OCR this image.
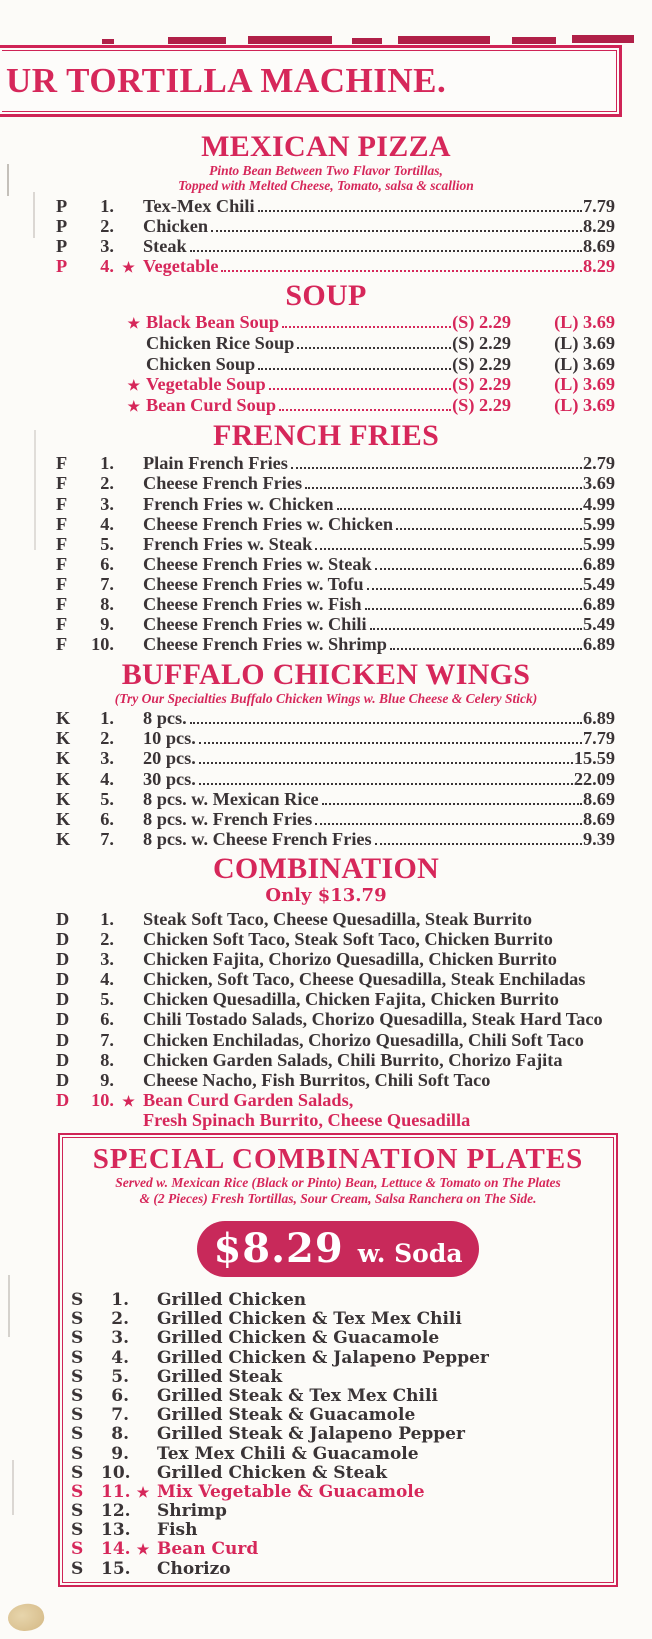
UR TORTILLA MACHINE.
MEXICAN PIZZA
Pinto Bean Between Two Flavor Tortillas,
Topped with Melted Cheese, Tomato, salsa & scallion
P	1. Tex-Mex Chili	7.79
P	2. Chicken	8.29
P	3. Steak	8.69
P	4. ★ Vegetable	8.29
SOUP
★ Black Bean Soup	(S) 2.29	(L) 3.69
Chicken Rice Soup	(S) 2.29	(L) 3.69
Chicken Soup	(S) 2.29	(L) 3.69
★ Vegetable Soup	(S) 2.29	(L) 3.69
★ Bean Curd Soup	(S) 2.29	(L) 3.69
FRENCH FRIES
F	1. Plain French Fries	2.79
F	2. Cheese French Fries	3.69
F	3. French Fries w. Chicken	4.99
F	4. Cheese French Fries w. Chicken	5.99
F	5. French Fries w. Steak	5.99
F	6. Cheese French Fries w. Steak	6.89
F	7. Cheese French Fries w. Tofu	5.49
F	8. Cheese French Fries w. Fish	6.89
F	9. Cheese French Fries w. Chili	5.49
F	10. Cheese French Fries w. Shrimp	6.89
BUFFALO CHICKEN WINGS
(Try Our Specialties Buffalo Chicken Wings w. Blue Cheese & Celery Stick)
K	1. 8 pcs.	6.89
K	2. 10 pcs.	7.79
K	3. 20 pcs.	15.59
K	4. 30 pcs.	22.09
K	5. 8 pcs. w. Mexican Rice	8.69
K	6. 8 pcs. w. French Fries	8.69
K	7. 8 pcs. w. Cheese French Fries	9.39
COMBINATION
Only $13.79
D	1. Steak Soft Taco, Cheese Quesadilla, Steak Burrito
D	2. Chicken Soft Taco, Steak Soft Taco, Chicken Burrito
D	3. Chicken Fajita, Chorizo Quesadilla, Chicken Burrito
D	4. Chicken, Soft Taco, Cheese Quesadilla, Steak Enchiladas
D	5. Chicken Quesadilla, Chicken Fajita, Chicken Burrito
D	6. Chili Tostado Salads, Chorizo Quesadilla, Steak Hard Taco
D	7. Chicken Enchiladas, Chorizo Quesadilla, Chili Soft Taco
D	8. Chicken Garden Salads, Chili Burrito, Chorizo Fajita
D	9. Cheese Nacho, Fish Burritos, Chili Soft Taco
D	10. ★ Bean Curd Garden Salads,
Fresh Spinach Burrito, Cheese Quesadilla
SPECIAL COMBINATION PLATES
Served w. Mexican Rice (Black or Pinto) Bean, Lettuce & Tomato on The Plates
& (2 Pieces) Fresh Tortillas, Sour Cream, Salsa Ranchera on The Side.
$8.29 w. Soda
S	1. Grilled Chicken
S	2. Grilled Chicken & Tex Mex Chili
S	3. Grilled Chicken & Guacamole
S	4. Grilled Chicken & Jalapeno Pepper
S	5. Grilled Steak
S	6. Grilled Steak & Tex Mex Chili
S	7. Grilled Steak & Guacamole
S	8. Grilled Steak & Jalapeno Pepper
S	9. Tex Mex Chili & Guacamole
S	10. Grilled Chicken & Steak
S	11. ★ Mix Vegetable & Guacamole
S	12. Shrimp
S	13. Fish
S	14. ★ Bean Curd
S	15. Chorizo
